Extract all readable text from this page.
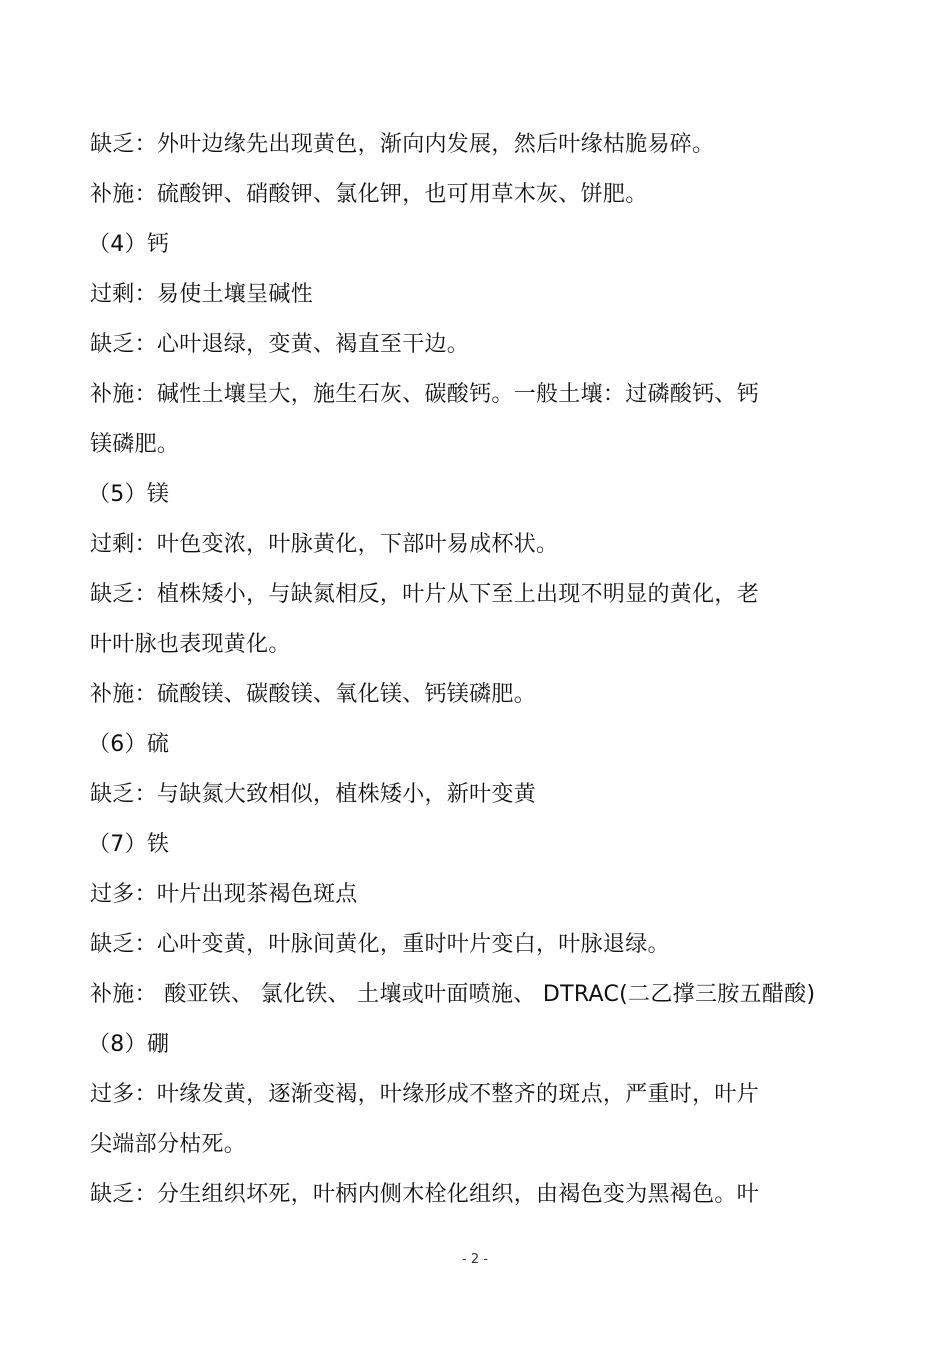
缺乏：外叶边缘先出现黄色，渐向内发展，然后叶缘枯脆易碎。
补施：硫酸钾、硝酸钾、氯化钾，也可用草木灰、饼肥。
（4）钙
过剩：易使土壤呈碱性
缺乏：心叶退绿，变黄、褐直至干边。
补施：碱性土壤呈大，施生石灰、碳酸钙。一般土壤：过磷酸钙、钙
镁磷肥。
（5）镁
过剩：叶色变浓，叶脉黄化，下部叶易成杯状。
缺乏：植株矮小，与缺氮相反，叶片从下至上出现不明显的黄化，老
叶叶脉也表现黄化。
补施：硫酸镁、碳酸镁、氧化镁、钙镁磷肥。
（6）硫
缺乏：与缺氮大致相似，植株矮小，新叶变黄
（7）铁
过多：叶片出现茶褐色斑点
缺乏：心叶变黄，叶脉间黄化，重时叶片变白，叶脉退绿。
补施： 酸亚铁、 氯化铁、 土壤或叶面喷施、 DTRAC(二乙撑三胺五醋酸)
（8）硼
过多：叶缘发黄，逐渐变褐，叶缘形成不整齐的斑点，严重时，叶片
尖端部分枯死。
缺乏：分生组织坏死，叶柄内侧木栓化组织，由褐色变为黑褐色。叶
- 2 -
